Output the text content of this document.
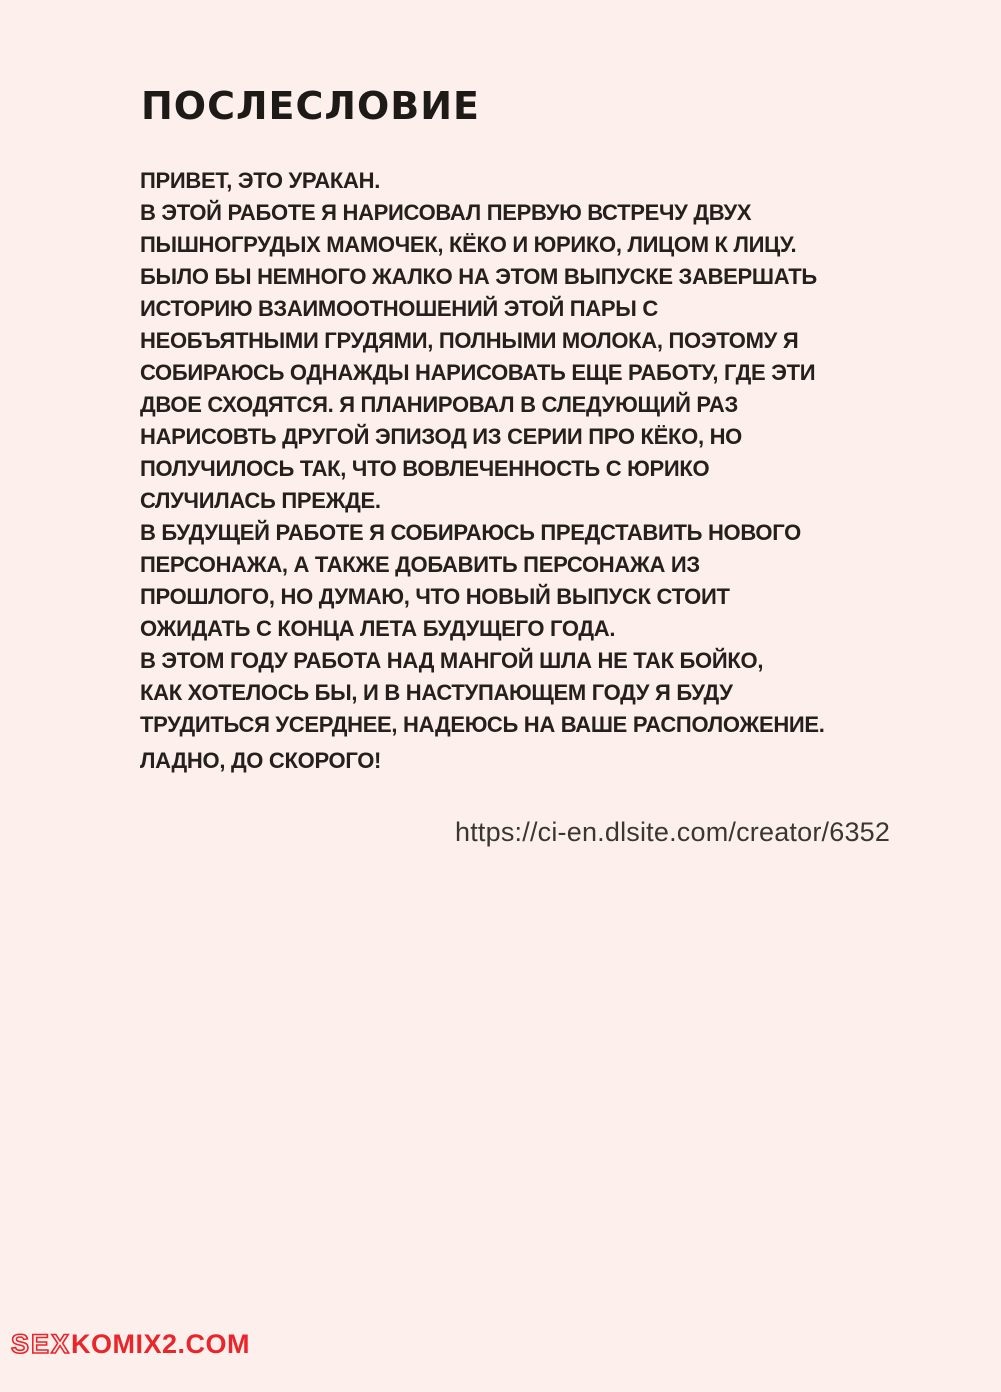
ПОСЛЕСЛОВИЕ
ПРИВЕТ, ЭТО УРАКАН.
В ЭТОЙ РАБОТЕ Я НАРИСОВАЛ ПЕРВУЮ ВСТРЕЧУ ДВУХ
ПЫШНОГРУДЫХ МАМОЧЕК, КЁКО И ЮРИКО, ЛИЦОМ К ЛИЦУ.
БЫЛО БЫ НЕМНОГО ЖАЛКО НА ЭТОМ ВЫПУСКЕ ЗАВЕРШАТЬ
ИСТОРИЮ ВЗАИМООТНОШЕНИЙ ЭТОЙ ПАРЫ С
НЕОБЪЯТНЫМИ ГРУДЯМИ, ПОЛНЫМИ МОЛОКА, ПОЭТОМУ Я
СОБИРАЮСЬ ОДНАЖДЫ НАРИСОВАТЬ ЕЩЕ РАБОТУ, ГДЕ ЭТИ
ДВОЕ СХОДЯТСЯ. Я ПЛАНИРОВАЛ В СЛЕДУЮЩИЙ РАЗ
НАРИСОВТЬ ДРУГОЙ ЭПИЗОД ИЗ СЕРИИ ПРО КЁКО, НО
ПОЛУЧИЛОСЬ ТАК, ЧТО ВОВЛЕЧЕННОСТЬ С ЮРИКО
СЛУЧИЛАСЬ ПРЕЖДЕ.
В БУДУЩЕЙ РАБОТЕ Я СОБИРАЮСЬ ПРЕДСТАВИТЬ НОВОГО
ПЕРСОНАЖА, А ТАКЖЕ ДОБАВИТЬ ПЕРСОНАЖА ИЗ
ПРОШЛОГО, НО ДУМАЮ, ЧТО НОВЫЙ ВЫПУСК СТОИТ
ОЖИДАТЬ С КОНЦА ЛЕТА БУДУЩЕГО ГОДА.
В ЭТОМ ГОДУ РАБОТА НАД МАНГОЙ ШЛА НЕ ТАК БОЙКО,
КАК ХОТЕЛОСЬ БЫ, И В НАСТУПАЮЩЕМ ГОДУ Я БУДУ
ТРУДИТЬСЯ УСЕРДНЕЕ, НАДЕЮСЬ НА ВАШЕ РАСПОЛОЖЕНИЕ.
ЛАДНО, ДО СКОРОГО!
https://ci-en.dlsite.com/creator/6352
SEXKOMIX2.COM
